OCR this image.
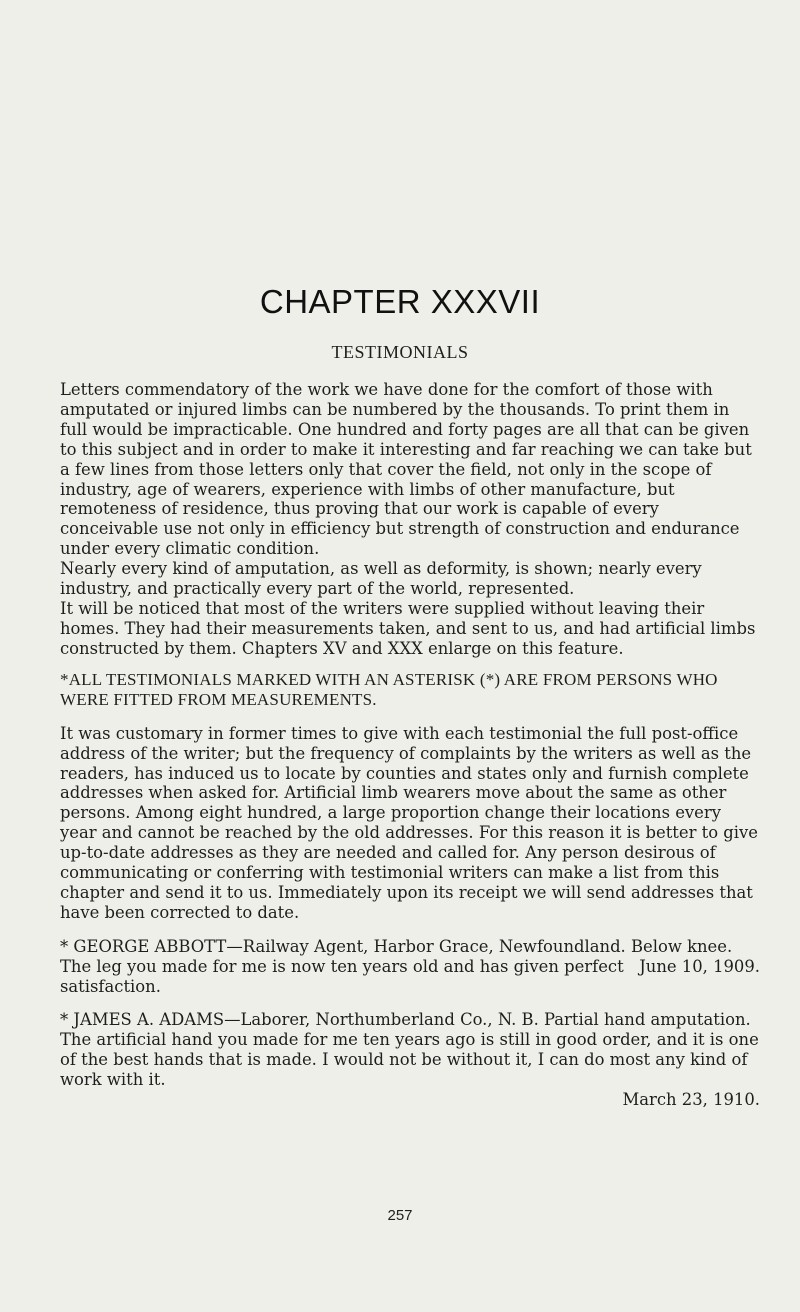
CHAPTER XXXVII
TESTIMONIALS

Letters commendatory of the work we have done for the comfort of those with amputated or injured limbs can be numbered by the thousands. To print them in full would be impracticable. One hundred and forty pages are all that can be given to this subject and in order to make it interesting and far reaching we can take but a few lines from those letters only that cover the field, not only in the scope of industry, age of wearers, experience with limbs of other manufacture, but remoteness of residence, thus proving that our work is capable of every conceivable use not only in efficiency but strength of construction and endurance under every climatic condition.

Nearly every kind of amputation, as well as deformity, is shown; nearly every industry, and practically every part of the world, represented.

It will be noticed that most of the writers were supplied without leaving their homes. They had their measurements taken, and sent to us, and had artificial limbs constructed by them. Chapters XV and XXX enlarge on this feature.

*ALL TESTIMONIALS MARKED WITH AN ASTERISK (*) ARE FROM PERSONS WHO WERE FITTED FROM MEASUREMENTS.

It was customary in former times to give with each testimonial the full post-office address of the writer; but the frequency of complaints by the writers as well as the readers, has induced us to locate by counties and states only and furnish complete addresses when asked for. Artificial limb wearers move about the same as other persons. Among eight hundred, a large proportion change their locations every year and cannot be reached by the old addresses. For this reason it is better to give up-to-date addresses as they are needed and called for. Any person desirous of communicating or conferring with testimonial writers can make a list from this chapter and send it to us. Immediately upon its receipt we will send addresses that have been corrected to date.

* GEORGE ABBOTT—Railway Agent, Harbor Grace, Newfoundland. Below knee.

June 10, 1909.
The leg you made for me is now ten years old and has given perfect satisfaction.

* JAMES A. ADAMS—Laborer, Northumberland Co., N. B. Partial hand amputation.

The artificial hand you made for me ten years ago is still in good order, and it is one of the best hands that is made. I would not be without it, I can do most any kind of work with it.

March 23, 1910.
257
